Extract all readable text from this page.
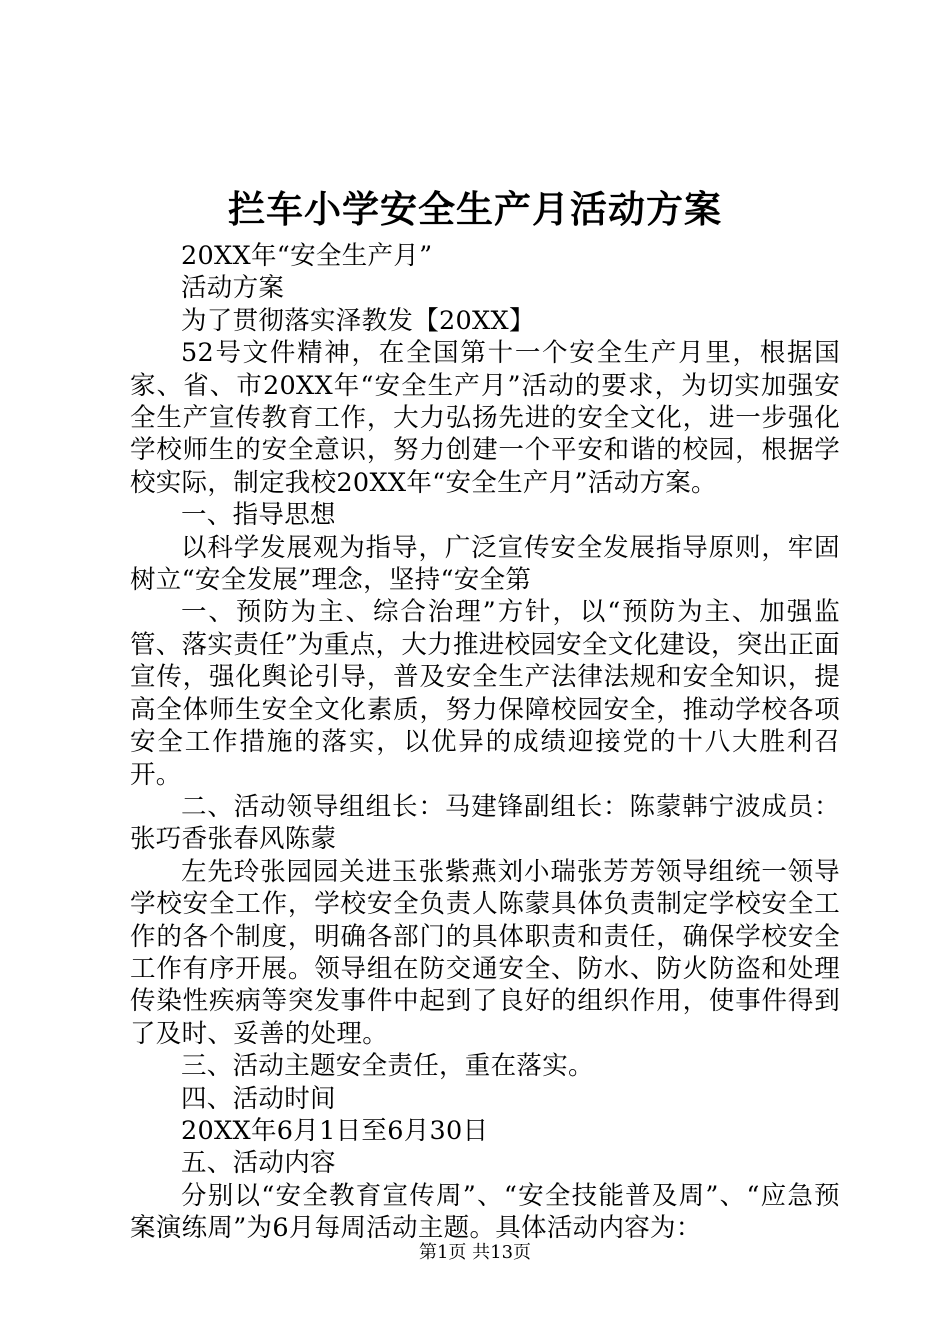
拦车小学安全生产月活动方案

20XX年“安全生产月”

活动方案

为了贯彻落实泽教发【20XX】

52号文件精神，在全国第十一个安全生产月里，根据国家、省、市20XX年“安全生产月”活动的要求，为切实加强安全生产宣传教育工作，大力弘扬先进的安全文化，进一步强化学校师生的安全意识，努力创建一个平安和谐的校园，根据学校实际，制定我校20XX年“安全生产月”活动方案。

一、指导思想

以科学发展观为指导，广泛宣传安全发展指导原则，牢固树立“安全发展”理念，坚持“安全第

一、预防为主、综合治理”方针，以“预防为主、加强监管、落实责任”为重点，大力推进校园安全文化建设，突出正面宣传，强化舆论引导，普及安全生产法律法规和安全知识，提高全体师生安全文化素质，努力保障校园安全，推动学校各项安全工作措施的落实，以优异的成绩迎接党的十八大胜利召开。

二、活动领导组组长：马建锋副组长：陈蒙韩宁波成员：张巧香张春风陈蒙

左先玲张园园关进玉张紫燕刘小瑞张芳芳领导组统一领导学校安全工作，学校安全负责人陈蒙具体负责制定学校安全工作的各个制度，明确各部门的具体职责和责任，确保学校安全工作有序开展。领导组在防交通安全、防水、防火防盗和处理传染性疾病等突发事件中起到了良好的组织作用，使事件得到了及时、妥善的处理。

三、活动主题安全责任，重在落实。

四、活动时间

20XX年6月1日至6月30日

五、活动内容

分别以“安全教育宣传周”、“安全技能普及周”、“应急预案演练周”为6月每周活动主题。具体活动内容为：

第1页 共13页
